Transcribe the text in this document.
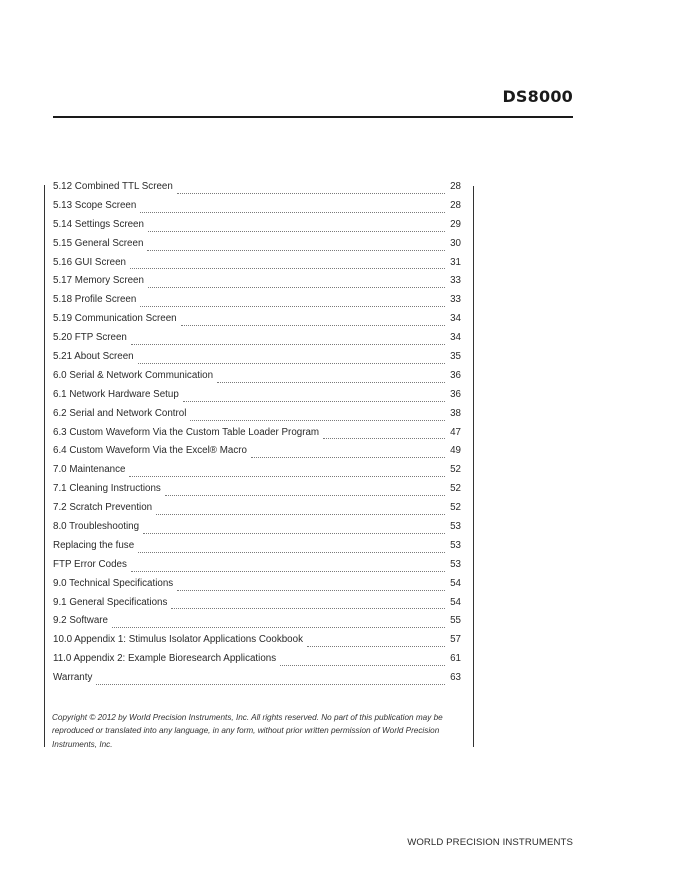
DS8000
5.12 Combined TTL Screen	28
5.13 Scope Screen	28
5.14 Settings Screen	29
5.15 General Screen	30
5.16 GUI Screen	31
5.17 Memory Screen	33
5.18 Profile Screen	33
5.19 Communication Screen	34
5.20 FTP Screen	34
5.21 About Screen	35
6.0 Serial & Network Communication	36
6.1 Network Hardware Setup	36
6.2 Serial and Network Control	38
6.3 Custom Waveform Via the Custom Table Loader Program	47
6.4 Custom Waveform Via the Excel® Macro	49
7.0 Maintenance	52
7.1 Cleaning Instructions	52
7.2 Scratch Prevention	52
8.0 Troubleshooting	53
Replacing the fuse	53
FTP Error Codes	53
9.0 Technical Specifications	54
9.1 General Specifications	54
9.2 Software	55
10.0 Appendix 1: Stimulus Isolator Applications Cookbook	57
11.0 Appendix 2: Example Bioresearch Applications	61
Warranty	63

Copyright © 2012 by World Precision Instruments, Inc. All rights reserved. No part of this publication may be reproduced or translated into any language, in any form, without prior written permission of World Precision Instruments, Inc.

WORLD PRECISION INSTRUMENTS
